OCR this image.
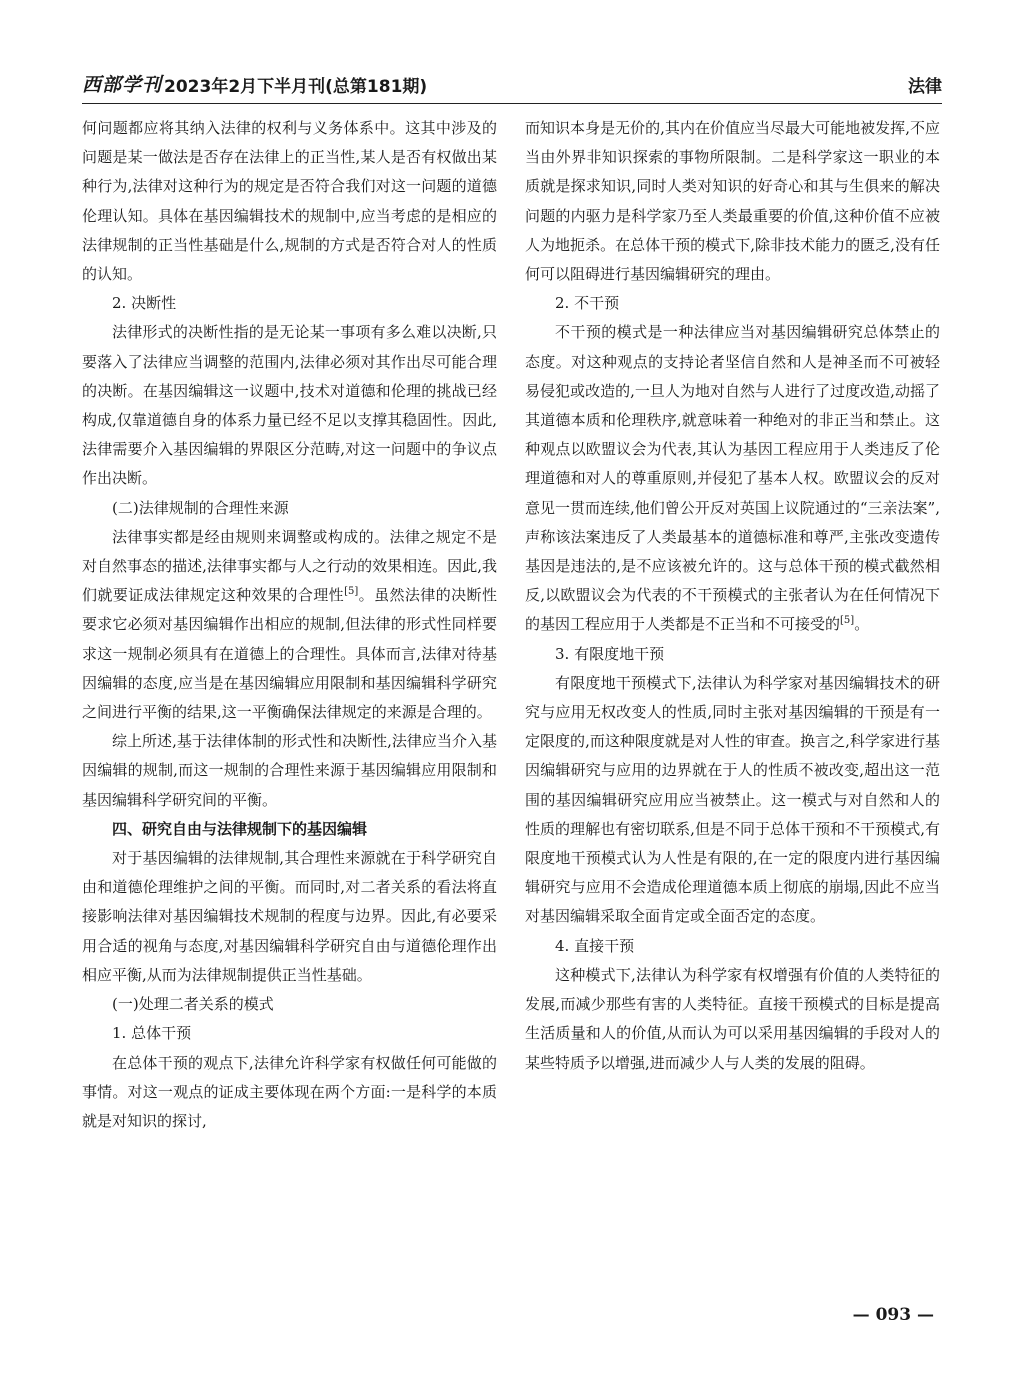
西部学刊 2023年2月下半月刊(总第181期)	法律

何问题都应将其纳入法律的权利与义务体系中。这其中涉及的问题是某一做法是否存在法律上的正当性,某人是否有权做出某种行为,法律对这种行为的规定是否符合我们对这一问题的道德伦理认知。具体在基因编辑技术的规制中,应当考虑的是相应的法律规制的正当性基础是什么,规制的方式是否符合对人的性质的认知。

2. 决断性

法律形式的决断性指的是无论某一事项有多么难以决断,只要落入了法律应当调整的范围内,法律必须对其作出尽可能合理的决断。在基因编辑这一议题中,技术对道德和伦理的挑战已经构成,仅靠道德自身的体系力量已经不足以支撑其稳固性。因此,法律需要介入基因编辑的界限区分范畴,对这一问题中的争议点作出决断。

(二)法律规制的合理性来源

法律事实都是经由规则来调整或构成的。法律之规定不是对自然事态的描述,法律事实都与人之行动的效果相连。因此,我们就要证成法律规定这种效果的合理性[5]。虽然法律的决断性要求它必须对基因编辑作出相应的规制,但法律的形式性同样要求这一规制必须具有在道德上的合理性。具体而言,法律对待基因编辑的态度,应当是在基因编辑应用限制和基因编辑科学研究之间进行平衡的结果,这一平衡确保法律规定的来源是合理的。

综上所述,基于法律体制的形式性和决断性,法律应当介入基因编辑的规制,而这一规制的合理性来源于基因编辑应用限制和基因编辑科学研究间的平衡。

四、研究自由与法律规制下的基因编辑

对于基因编辑的法律规制,其合理性来源就在于科学研究自由和道德伦理维护之间的平衡。而同时,对二者关系的看法将直接影响法律对基因编辑技术规制的程度与边界。因此,有必要采用合适的视角与态度,对基因编辑科学研究自由与道德伦理作出相应平衡,从而为法律规制提供正当性基础。

(一)处理二者关系的模式

1. 总体干预

在总体干预的观点下,法律允许科学家有权做任何可能做的事情。对这一观点的证成主要体现在两个方面:一是科学的本质就是对知识的探讨,

而知识本身是无价的,其内在价值应当尽最大可能地被发挥,不应当由外界非知识探索的事物所限制。二是科学家这一职业的本质就是探求知识,同时人类对知识的好奇心和其与生俱来的解决问题的内驱力是科学家乃至人类最重要的价值,这种价值不应被人为地扼杀。在总体干预的模式下,除非技术能力的匮乏,没有任何可以阻碍进行基因编辑研究的理由。

2. 不干预

不干预的模式是一种法律应当对基因编辑研究总体禁止的态度。对这种观点的支持论者坚信自然和人是神圣而不可被轻易侵犯或改造的,一旦人为地对自然与人进行了过度改造,动摇了其道德本质和伦理秩序,就意味着一种绝对的非正当和禁止。这种观点以欧盟议会为代表,其认为基因工程应用于人类违反了伦理道德和对人的尊重原则,并侵犯了基本人权。欧盟议会的反对意见一贯而连续,他们曾公开反对英国上议院通过的“三亲法案”,声称该法案违反了人类最基本的道德标准和尊严,主张改变遗传基因是违法的,是不应该被允许的。这与总体干预的模式截然相反,以欧盟议会为代表的不干预模式的主张者认为在任何情况下的基因工程应用于人类都是不正当和不可接受的[5]。

3. 有限度地干预

有限度地干预模式下,法律认为科学家对基因编辑技术的研究与应用无权改变人的性质,同时主张对基因编辑的干预是有一定限度的,而这种限度就是对人性的审查。换言之,科学家进行基因编辑研究与应用的边界就在于人的性质不被改变,超出这一范围的基因编辑研究应用应当被禁止。这一模式与对自然和人的性质的理解也有密切联系,但是不同于总体干预和不干预模式,有限度地干预模式认为人性是有限的,在一定的限度内进行基因编辑研究与应用不会造成伦理道德本质上彻底的崩塌,因此不应当对基因编辑采取全面肯定或全面否定的态度。

4. 直接干预

这种模式下,法律认为科学家有权增强有价值的人类特征的发展,而减少那些有害的人类特征。直接干预模式的目标是提高生活质量和人的价值,从而认为可以采用基因编辑的手段对人的某些特质予以增强,进而减少人与人类的发展的阻碍。

— 093 —
